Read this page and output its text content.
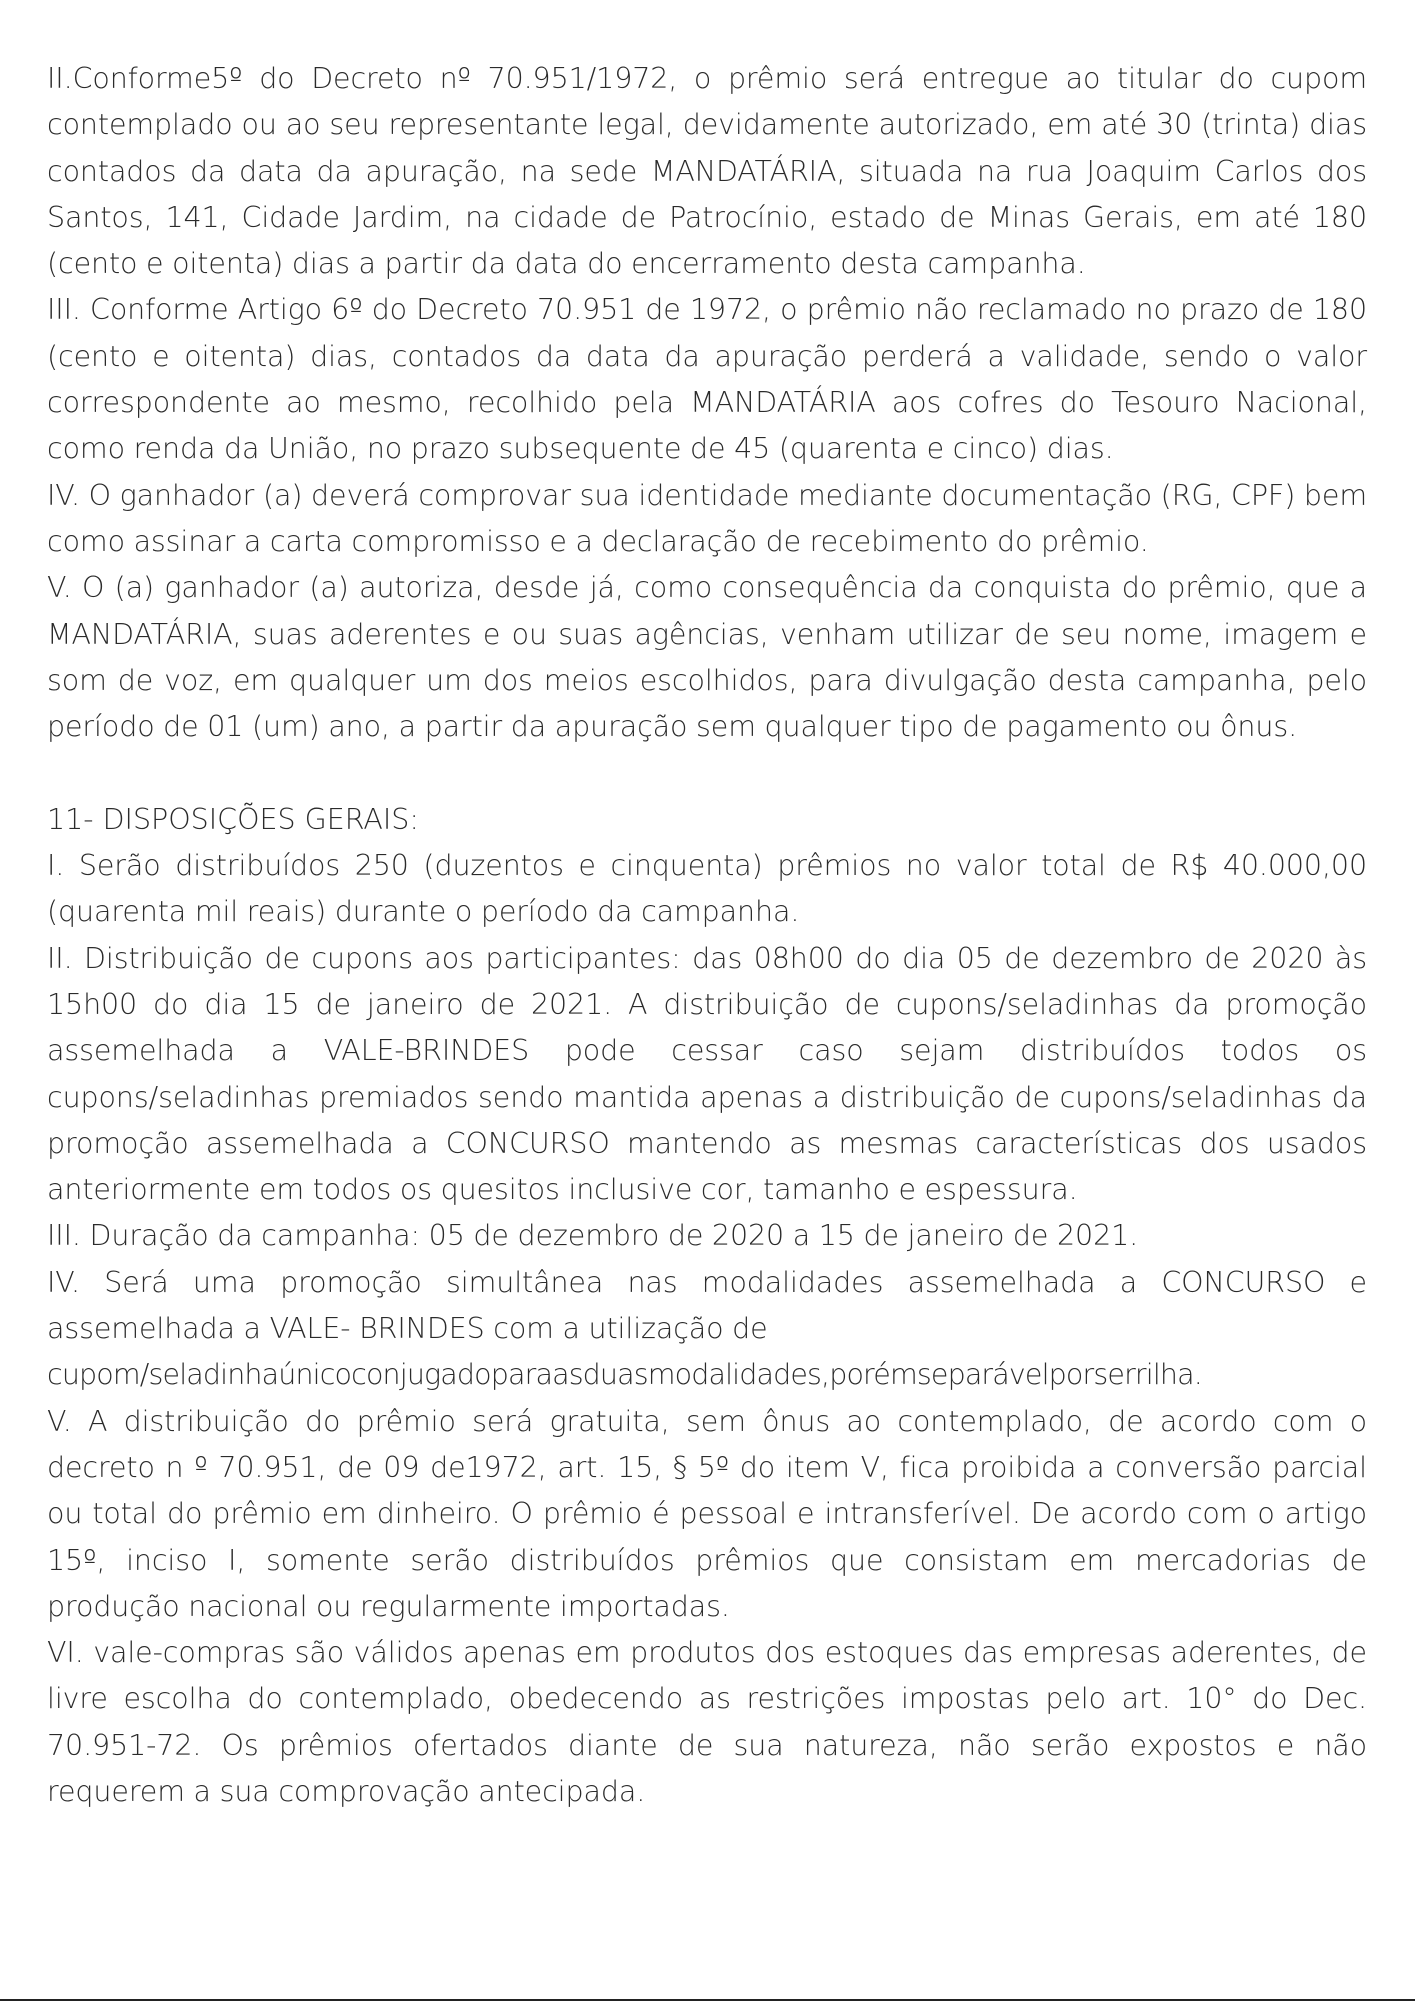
II.Conforme5º do Decreto nº 70.951/1972, o prêmio será entregue ao titular do cupom contemplado ou ao seu representante legal, devidamente autorizado, em até 30 (trinta) dias contados da data da apuração, na sede MANDATÁRIA, situada na rua Joaquim Carlos dos Santos, 141, Cidade Jardim, na cidade de Patrocínio, estado de Minas Gerais, em até 180 (cento e oitenta) dias a partir da data do encerramento desta campanha.

III. Conforme Artigo 6º do Decreto 70.951 de 1972, o prêmio não reclamado no prazo de 180 (cento e oitenta) dias, contados da data da apuração perderá a validade, sendo o valor correspondente ao mesmo, recolhido pela MANDATÁRIA aos cofres do Tesouro Nacional, como renda da União, no prazo subsequente de 45 (quarenta e cinco) dias.

IV. O ganhador (a) deverá comprovar sua identidade mediante documentação (RG, CPF) bem como assinar a carta compromisso e a declaração de recebimento do prêmio.

V. O (a) ganhador (a) autoriza, desde já, como consequência da conquista do prêmio, que a MANDATÁRIA, suas aderentes e ou suas agências, venham utilizar de seu nome, imagem e som de voz, em qualquer um dos meios escolhidos, para divulgação desta campanha, pelo período de 01 (um) ano, a partir da apuração sem qualquer tipo de pagamento ou ônus.

11- DISPOSIÇÕES GERAIS:

I. Serão distribuídos 250 (duzentos e cinquenta) prêmios no valor total de R$ 40.000,00 (quarenta mil reais) durante o período da campanha.

II. Distribuição de cupons aos participantes: das 08h00 do dia 05 de dezembro de 2020 às 15h00 do dia 15 de janeiro de 2021. A distribuição de cupons/seladinhas da promoção assemelhada a VALE-BRINDES pode cessar caso sejam distribuídos todos os cupons/seladinhas premiados sendo mantida apenas a distribuição de cupons/seladinhas da promoção assemelhada a CONCURSO mantendo as mesmas características dos usados anteriormente em todos os quesitos inclusive cor, tamanho e espessura.

III. Duração da campanha: 05 de dezembro de 2020 a 15 de janeiro de 2021.

IV. Será uma promoção simultânea nas modalidades assemelhada a CONCURSO e assemelhada a VALE- BRINDES com a utilização de

cupom/seladinhaúnicoconjugadoparaasduasmodalidades,porémseparávelporserrilha.

V. A distribuição do prêmio será gratuita, sem ônus ao contemplado, de acordo com o decreto n º 70.951, de 09 de1972, art. 15, § 5º do item V, fica proibida a conversão parcial ou total do prêmio em dinheiro. O prêmio é pessoal e intransferível. De acordo com o artigo 15º, inciso I, somente serão distribuídos prêmios que consistam em mercadorias de produção nacional ou regularmente importadas.

VI. vale-compras são válidos apenas em produtos dos estoques das empresas aderentes, de livre escolha do contemplado, obedecendo as restrições impostas pelo art. 10° do Dec. 70.951-72. Os prêmios ofertados diante de sua natureza, não serão expostos e não requerem a sua comprovação antecipada.
